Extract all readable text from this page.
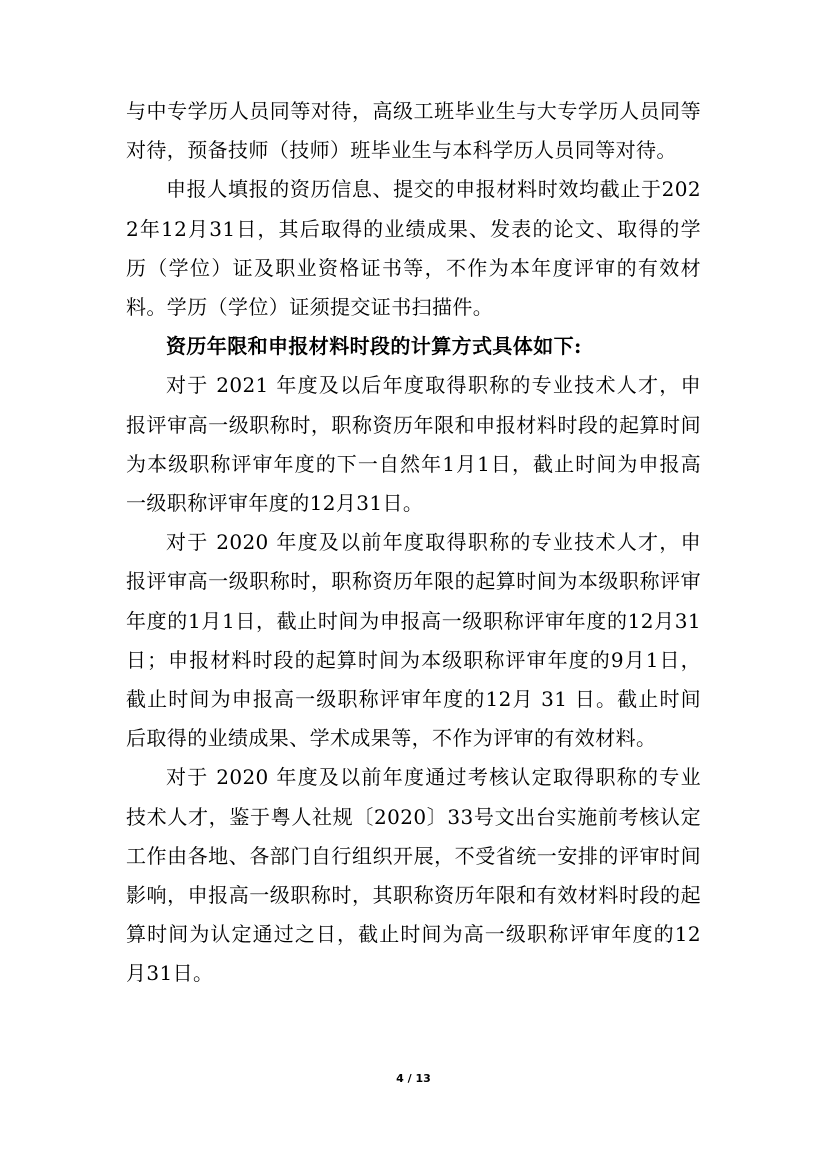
与中专学历人员同等对待，高级工班毕业生与大专学历人员同等对待，预备技师（技师）班毕业生与本科学历人员同等对待。

申报人填报的资历信息、提交的申报材料时效均截止于2022年12月31日，其后取得的业绩成果、发表的论文、取得的学历（学位）证及职业资格证书等，不作为本年度评审的有效材料。学历（学位）证须提交证书扫描件。

资历年限和申报材料时段的计算方式具体如下:

对于 2021 年度及以后年度取得职称的专业技术人才，申报评审高一级职称时，职称资历年限和申报材料时段的起算时间为本级职称评审年度的下一自然年1月1日，截止时间为申报高一级职称评审年度的12月31日。

对于 2020 年度及以前年度取得职称的专业技术人才，申报评审高一级职称时，职称资历年限的起算时间为本级职称评审年度的1月1日，截止时间为申报高一级职称评审年度的12月31日；申报材料时段的起算时间为本级职称评审年度的9月1日，截止时间为申报高一级职称评审年度的12月 31 日。截止时间后取得的业绩成果、学术成果等，不作为评审的有效材料。

对于 2020 年度及以前年度通过考核认定取得职称的专业技术人才，鉴于粤人社规〔2020〕33号文出台实施前考核认定工作由各地、各部门自行组织开展，不受省统一安排的评审时间影响，申报高一级职称时，其职称资历年限和有效材料时段的起算时间为认定通过之日，截止时间为高一级职称评审年度的12月31日。

4 / 13
